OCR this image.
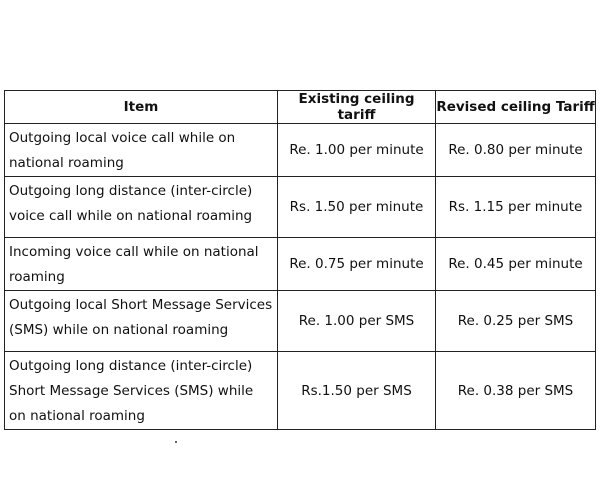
Item	Existing ceiling tariff	Revised ceiling Tariff
Outgoing local voice call while on national roaming	Re. 1.00 per minute	Re. 0.80 per minute
Outgoing long distance (inter-circle) voice call while on national roaming	Rs. 1.50 per minute	Rs. 1.15 per minute
Incoming voice call while on national roaming	Re. 0.75 per minute	Re. 0.45 per minute
Outgoing local Short Message Services (SMS) while on national roaming	Re. 1.00 per SMS	Re. 0.25 per SMS
Outgoing long distance (inter-circle) Short Message Services (SMS) while on national roaming	Rs.1.50 per SMS	Re. 0.38 per SMS
